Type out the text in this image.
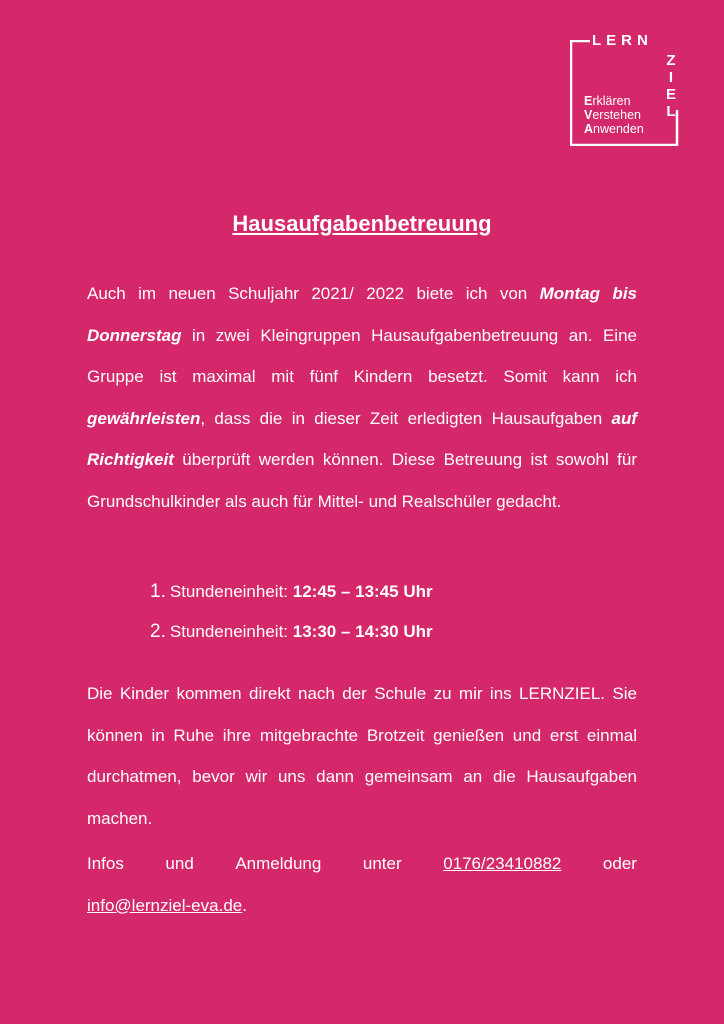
LERN
Z
I
E
L
Erklären
Verstehen
Anwenden
Hausaufgabenbetreuung

Auch im neuen Schuljahr 2021/ 2022 biete ich von Montag bis Donnerstag in zwei Kleingruppen Hausaufgabenbetreuung an. Eine Gruppe ist maximal mit fünf Kindern besetzt. Somit kann ich gewährleisten, dass die in dieser Zeit erledigten Hausaufgaben auf Richtigkeit überprüft werden können. Diese Betreuung ist sowohl für Grundschulkinder als auch für Mittel- und Realschüler gedacht.

1. Stundeneinheit: 12:45 – 13:45 Uhr
2. Stundeneinheit: 13:30 – 14:30 Uhr

Die Kinder kommen direkt nach der Schule zu mir ins LERNZIEL. Sie können in Ruhe ihre mitgebrachte Brotzeit genießen und erst einmal durchatmen, bevor wir uns dann gemeinsam an die Hausaufgaben machen.

Infos und Anmeldung unter 0176/23410882 oder
info@lernziel-eva.de.
